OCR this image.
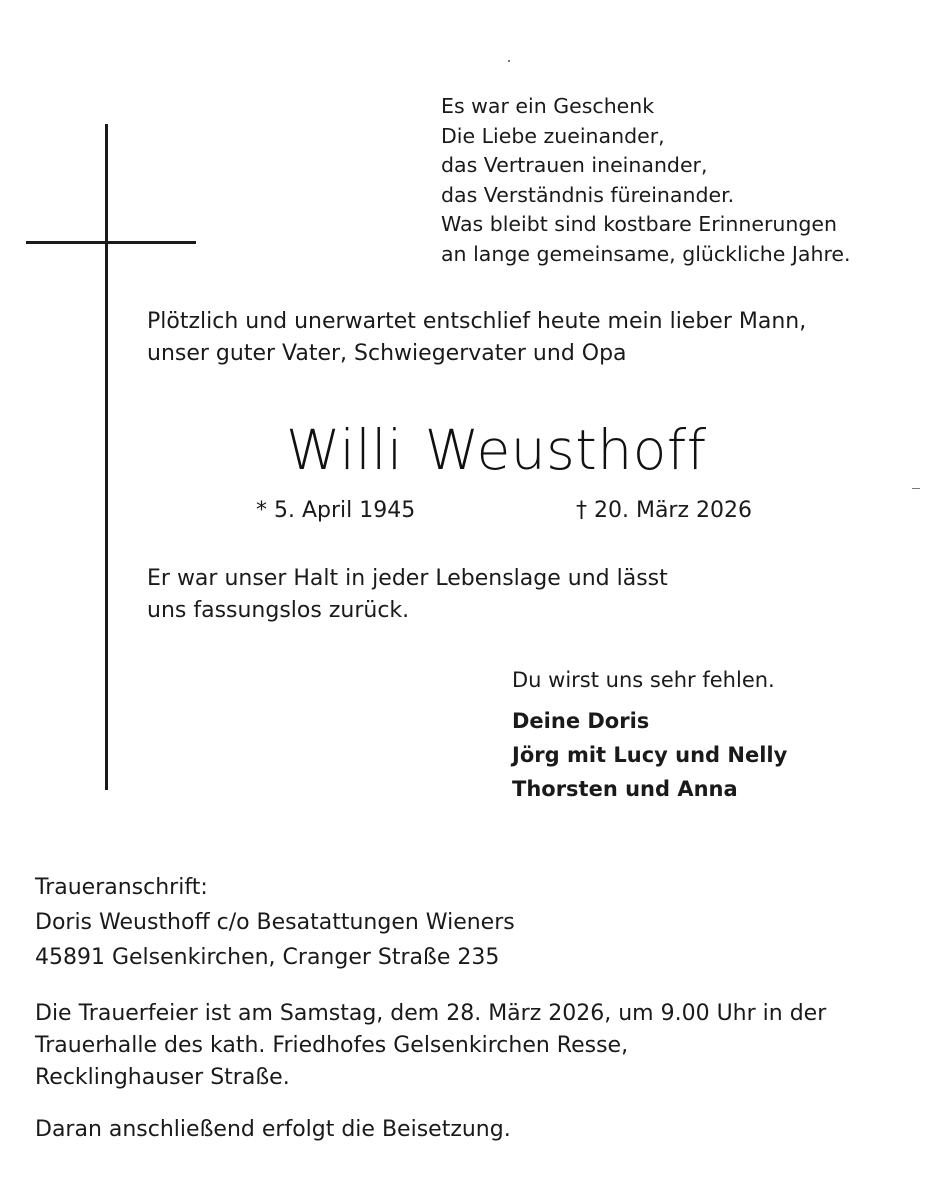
Es war ein Geschenk
Die Liebe zueinander,
das Vertrauen ineinander,
das Verständnis füreinander.
Was bleibt sind kostbare Erinnerungen
an lange gemeinsame, glückliche Jahre.
Plötzlich und unerwartet entschlief heute mein lieber Mann,
unser guter Vater, Schwiegervater und Opa
Willi Weusthoff
* 5. April 1945	† 20. März 2026
Er war unser Halt in jeder Lebenslage und lässt
uns fassungslos zurück.
Du wirst uns sehr fehlen.
Deine Doris
Jörg mit Lucy und Nelly
Thorsten und Anna
Traueranschrift:
Doris Weusthoff c/o Besatattungen Wieners
45891 Gelsenkirchen, Cranger Straße 235
Die Trauerfeier ist am Samstag, dem 28. März 2026, um 9.00 Uhr in der
Trauerhalle des kath. Friedhofes Gelsenkirchen Resse,
Recklinghauser Straße.
Daran anschließend erfolgt die Beisetzung.
